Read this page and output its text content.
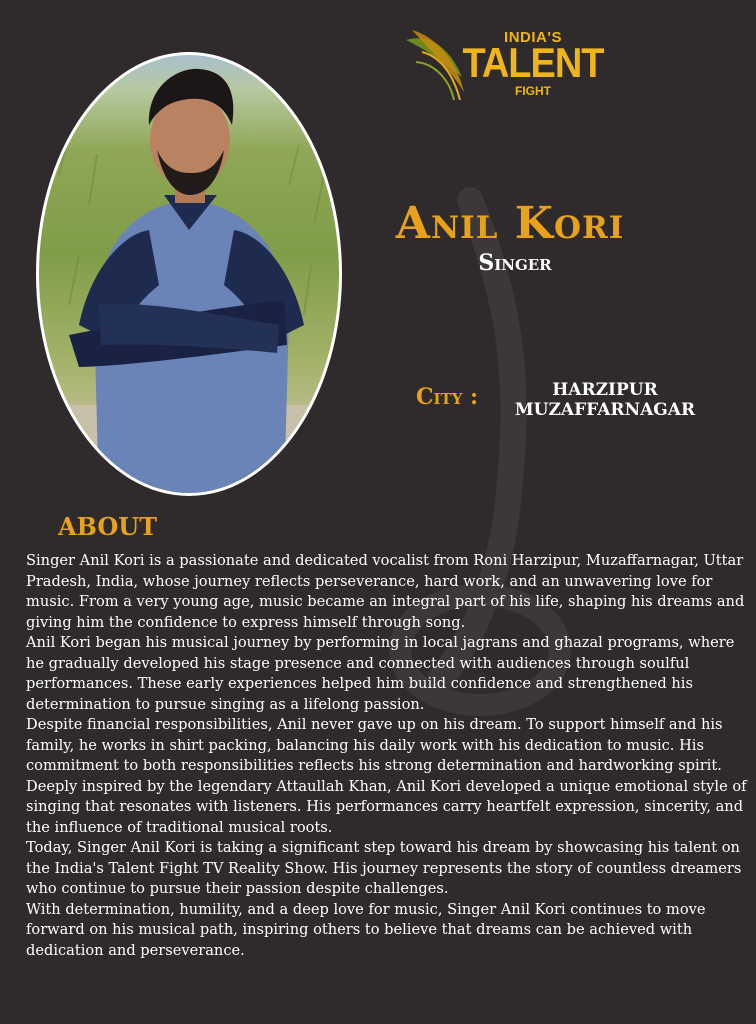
INDIA'S
TALENT
FIGHT
Anil Kori
Singer
City :	HARZIPUR
MUZAFFARNAGAR
ABOUT

Singer Anil Kori is a passionate and dedicated vocalist from Roni Harzipur, Muzaffarnagar, Uttar Pradesh, India, whose journey reflects perseverance, hard work, and an unwavering love for music. From a very young age, music became an integral part of his life, shaping his dreams and giving him the confidence to express himself through song.

Anil Kori began his musical journey by performing in local jagrans and ghazal programs, where he gradually developed his stage presence and connected with audiences through soulful performances. These early experiences helped him build confidence and strengthened his determination to pursue singing as a lifelong passion.

Despite financial responsibilities, Anil never gave up on his dream. To support himself and his family, he works in shirt packing, balancing his daily work with his dedication to music. His commitment to both responsibilities reflects his strong determination and hardworking spirit.

Deeply inspired by the legendary Attaullah Khan, Anil Kori developed a unique emotional style of singing that resonates with listeners. His performances carry heartfelt expression, sincerity, and the influence of traditional musical roots.

Today, Singer Anil Kori is taking a significant step toward his dream by showcasing his talent on the India's Talent Fight TV Reality Show. His journey represents the story of countless dreamers who continue to pursue their passion despite challenges.

With determination, humility, and a deep love for music, Singer Anil Kori continues to move forward on his musical path, inspiring others to believe that dreams can be achieved with dedication and perseverance.
